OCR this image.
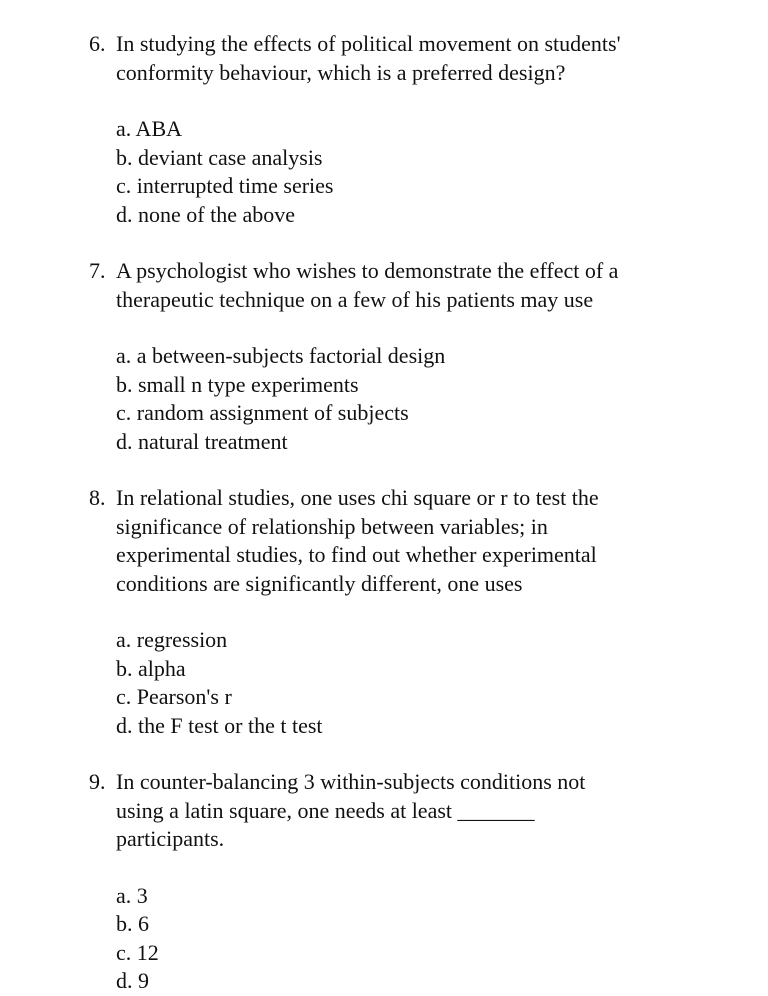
6. In studying the effects of political movement on students'
conformity behaviour, which is a preferred design?
a. ABA
b. deviant case analysis
c. interrupted time series
d. none of the above
7. A psychologist who wishes to demonstrate the effect of a
therapeutic technique on a few of his patients may use
a. a between-subjects factorial design
b. small n type experiments
c. random assignment of subjects
d. natural treatment
8. In relational studies, one uses chi square or r to test the
significance of relationship between variables; in
experimental studies, to find out whether experimental
conditions are significantly different, one uses
a. regression
b. alpha
c. Pearson's r
d. the F test or the t test
9. In counter-balancing 3 within-subjects conditions not
using a latin square, one needs at least _______
participants.
a. 3
b. 6
c. 12
d. 9
